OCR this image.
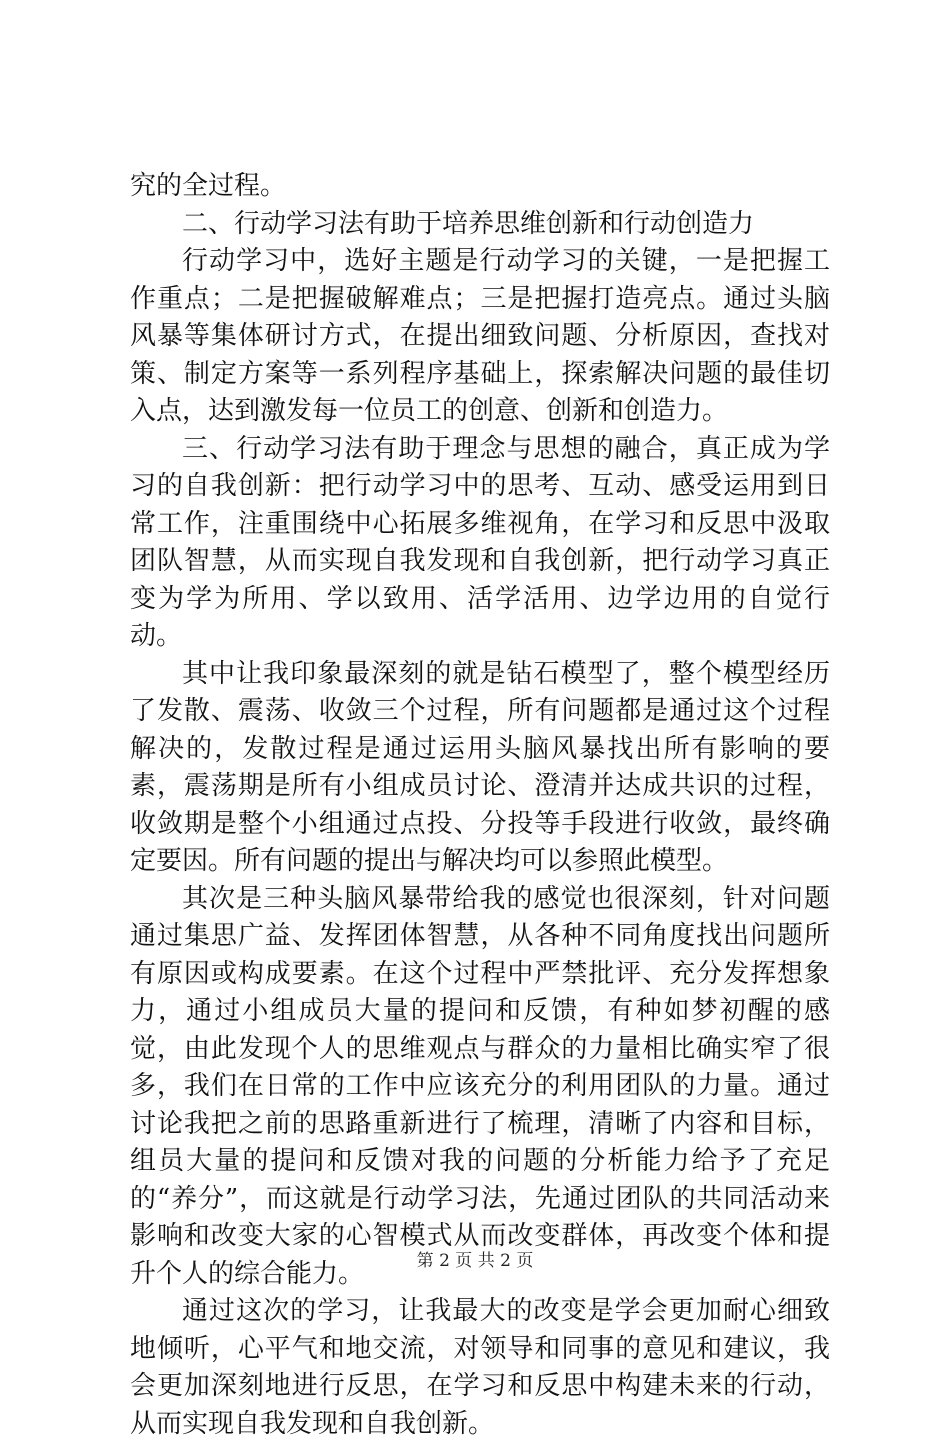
究的全过程。

二、行动学习法有助于培养思维创新和行动创造力

行动学习中，选好主题是行动学习的关键，一是把握工作重点；二是把握破解难点；三是把握打造亮点。通过头脑风暴等集体研讨方式，在提出细致问题、分析原因，查找对策、制定方案等一系列程序基础上，探索解决问题的最佳切入点，达到激发每一位员工的创意、创新和创造力。

三、行动学习法有助于理念与思想的融合，真正成为学习的自我创新：把行动学习中的思考、互动、感受运用到日常工作，注重围绕中心拓展多维视角，在学习和反思中汲取团队智慧，从而实现自我发现和自我创新，把行动学习真正变为学为所用、学以致用、活学活用、边学边用的自觉行动。

其中让我印象最深刻的就是钻石模型了，整个模型经历了发散、震荡、收敛三个过程，所有问题都是通过这个过程解决的，发散过程是通过运用头脑风暴找出所有影响的要素，震荡期是所有小组成员讨论、澄清并达成共识的过程，收敛期是整个小组通过点投、分投等手段进行收敛，最终确定要因。所有问题的提出与解决均可以参照此模型。

其次是三种头脑风暴带给我的感觉也很深刻，针对问题通过集思广益、发挥团体智慧，从各种不同角度找出问题所有原因或构成要素。在这个过程中严禁批评、充分发挥想象力，通过小组成员大量的提问和反馈，有种如梦初醒的感觉，由此发现个人的思维观点与群众的力量相比确实窄了很多，我们在日常的工作中应该充分的利用团队的力量。通过讨论我把之前的思路重新进行了梳理，清晰了内容和目标，组员大量的提问和反馈对我的问题的分析能力给予了充足的“养分”，而这就是行动学习法，先通过团队的共同活动来影响和改变大家的心智模式从而改变群体，再改变个体和提升个人的综合能力。

通过这次的学习，让我最大的改变是学会更加耐心细致地倾听，心平气和地交流，对领导和同事的意见和建议，我会更加深刻地进行反思，在学习和反思中构建未来的行动，从而实现自我发现和自我创新。

第 2 页 共 2 页
